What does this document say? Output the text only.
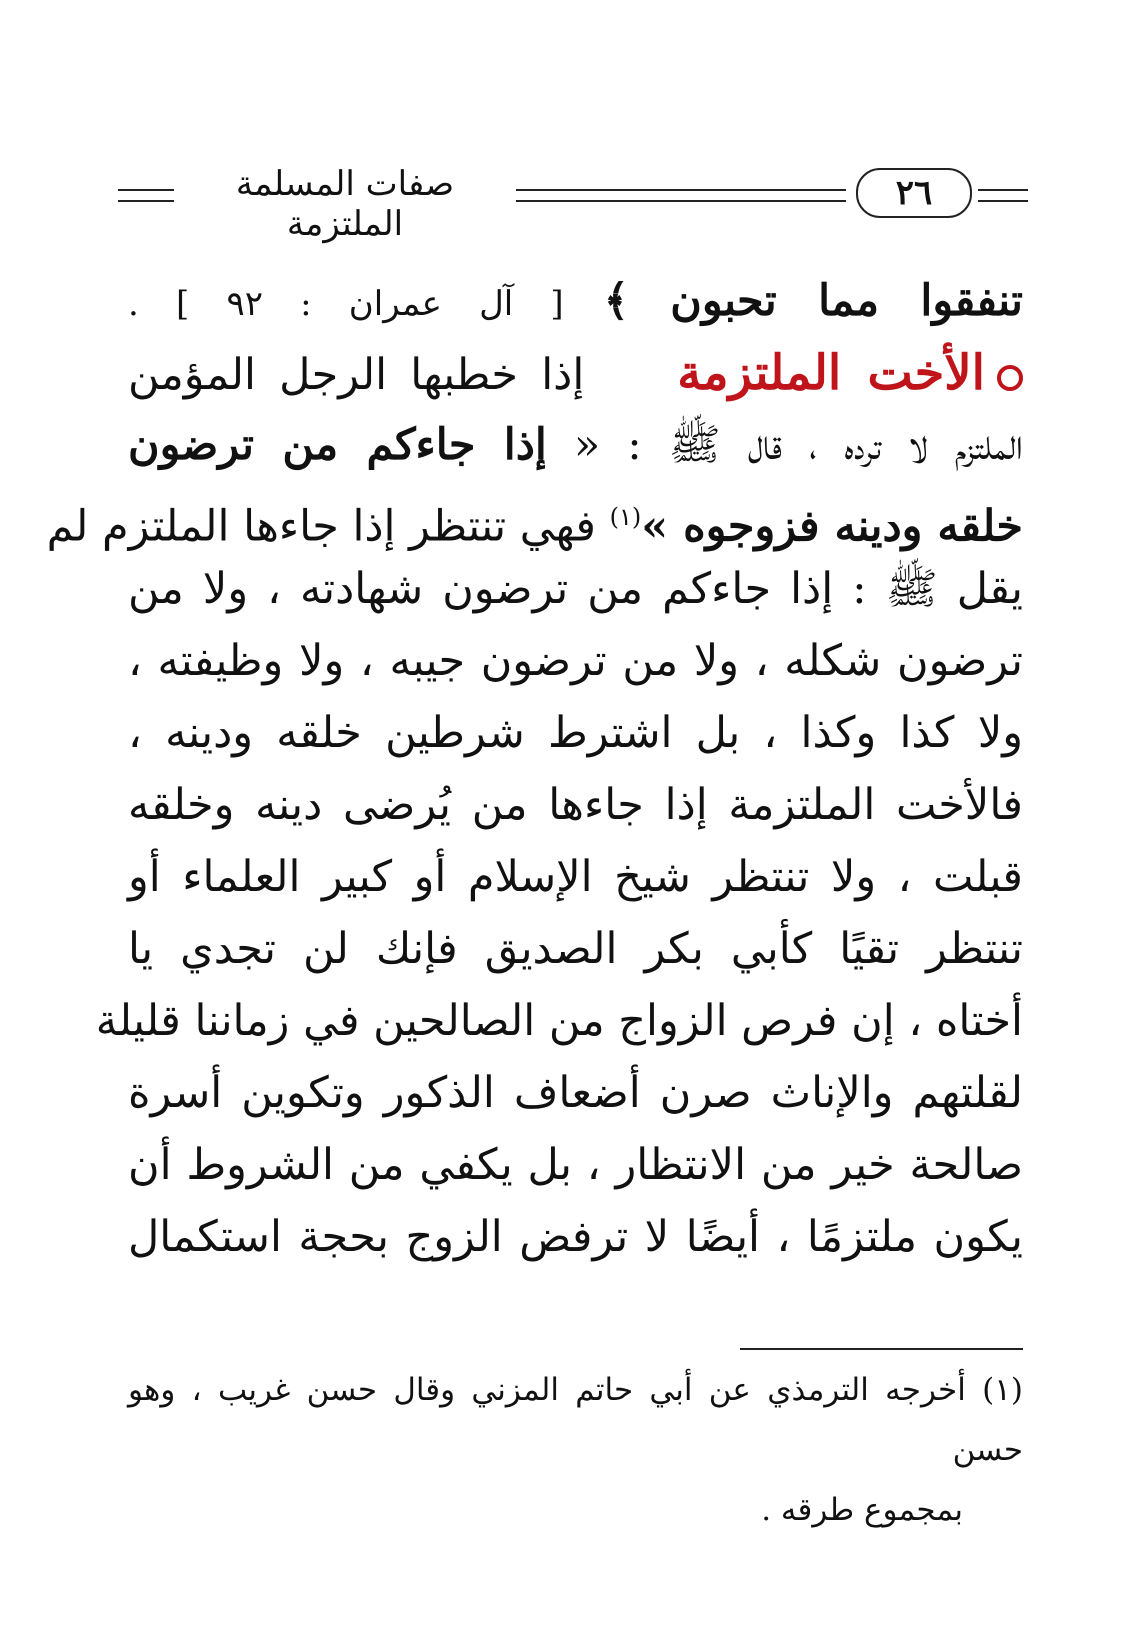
صفات المسلمة الملتزمة
٢٦
تنفقوا مما تحبون ﴾ [ آل عمران : ٩٢ ] .
الأخت الملتزمة    إذا خطبها الرجل المؤمن
الملتزم لا ترده ، قال ﷺ : « إذا جاءكم من ترضون
خلقه ودينه فزوجوه »$^{(١)}$ فهي تنتظر إذا جاءها الملتزم لم
يقل ﷺ : إذا جاءكم من ترضون شهادته ، ولا من
ترضون شكله ، ولا من ترضون جيبه ، ولا وظيفته ،
ولا كذا وكذا ، بل اشترط شرطين خلقه ودينه ،
فالأخت الملتزمة إذا جاءها من يُرضى دينه وخلقه
قبلت ، ولا تنتظر شيخ الإسلام أو كبير العلماء أو
تنتظر تقيًا كأبي بكر الصديق فإنك لن تجدي يا
أختاه ، إن فرص الزواج من الصالحين في زماننا قليلة
لقلتهم والإناث صرن أضعاف الذكور وتكوين أسرة
صالحة خير من الانتظار ، بل يكفي من الشروط أن
يكون ملتزمًا ، أيضًا لا ترفض الزوج بحجة استكمال
(١) أخرجه الترمذي عن أبي حاتم المزني وقال حسن غريب ، وهو حسن
بمجموع طرقه .
